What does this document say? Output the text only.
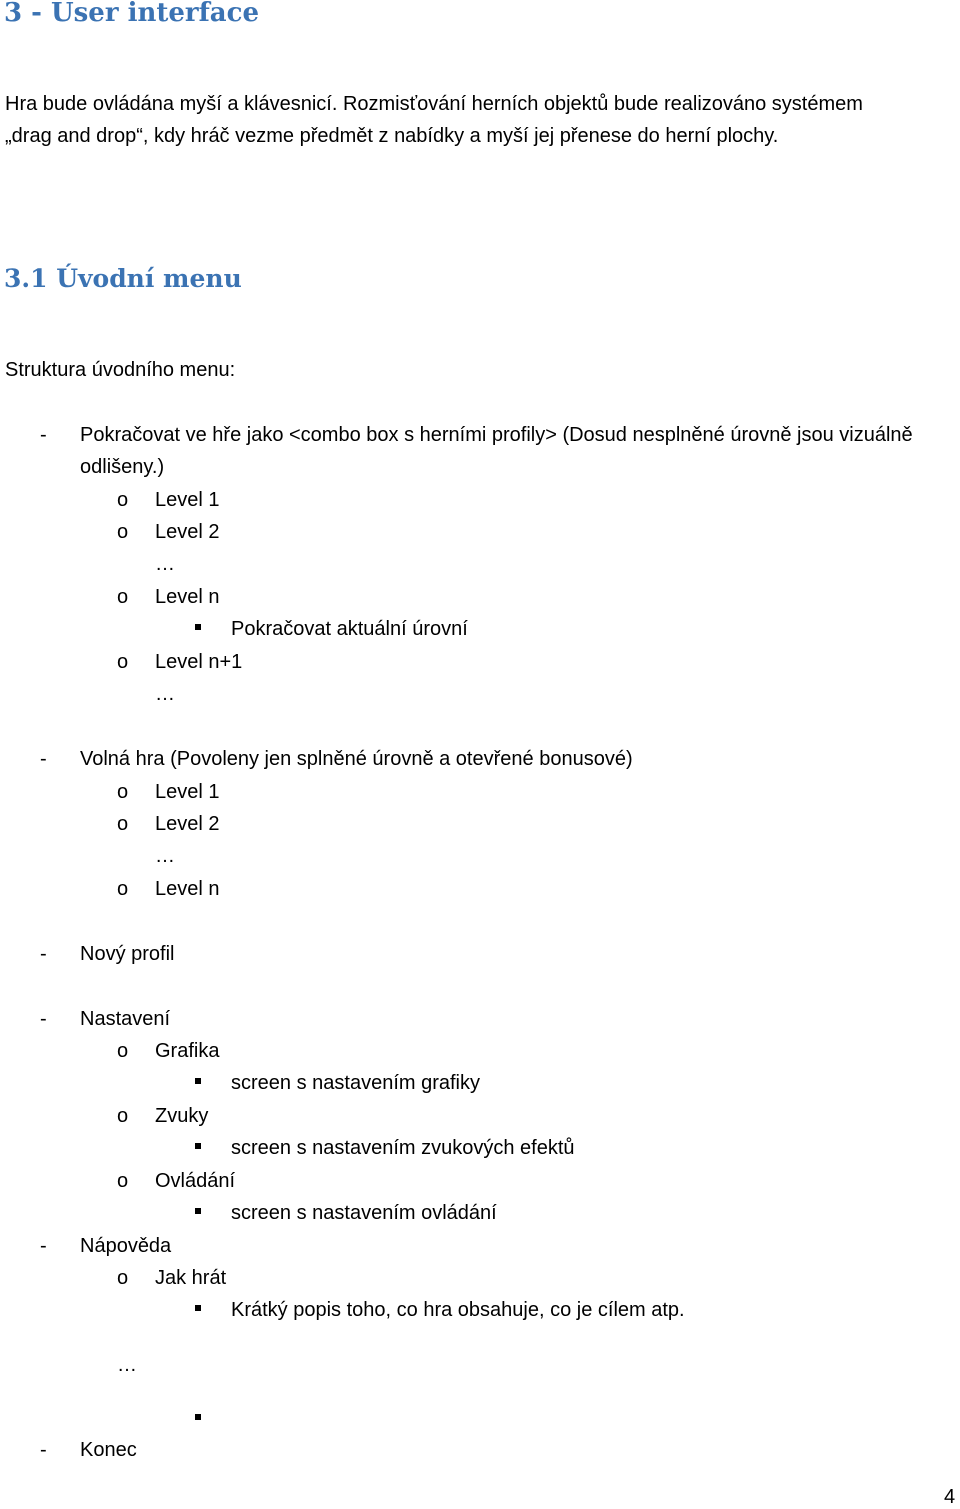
3 - User interface
Hra bude ovládána myší a klávesnicí. Rozmisťování herních objektů bude realizováno systémem
„drag and drop“, kdy hráč vezme předmět z nabídky a myší jej přenese do herní plochy.
3.1 Úvodní menu
Struktura úvodního menu:
- Pokračovat ve hře jako <combo box s herními profily> (Dosud nesplněné úrovně jsou vizuálně
odlišeny.)
o Level 1
o Level 2
…
o Level n
Pokračovat aktuální úrovní
o Level n+1
…
- Volná hra (Povoleny jen splněné úrovně a otevřené bonusové)
o Level 1
o Level 2
…
o Level n
- Nový profil
- Nastavení
o Grafika
screen s nastavením grafiky
o Zvuky
screen s nastavením zvukových efektů
o Ovládání
screen s nastavením ovládání
- Nápověda
o Jak hrát
Krátký popis toho, co hra obsahuje, co je cílem atp.
…
- Konec
4
